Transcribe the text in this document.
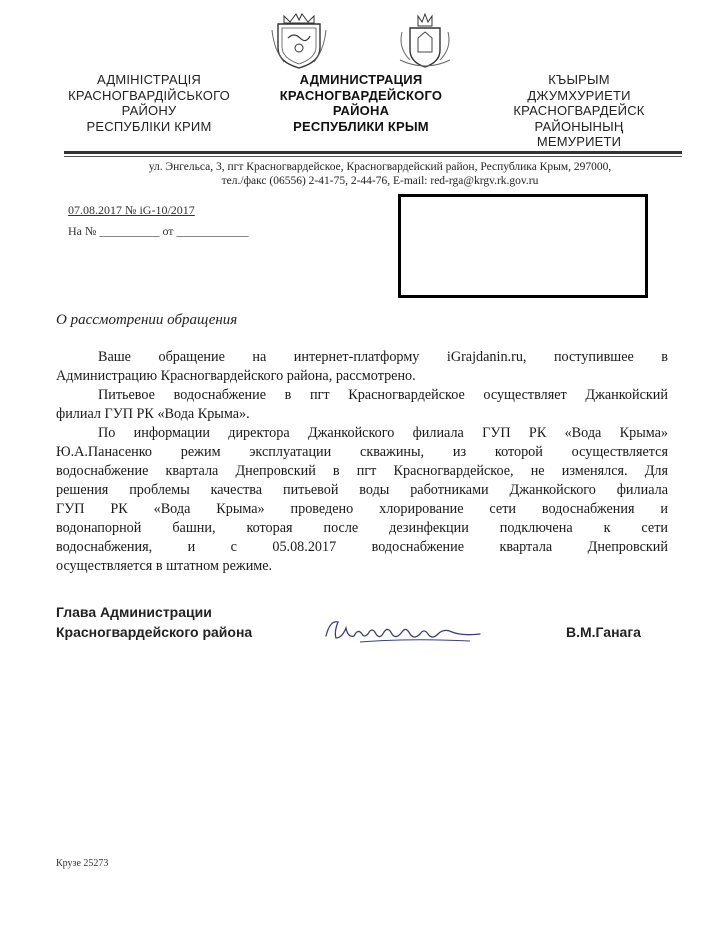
АДМІНІСТРАЦІЯ
КРАСНОГВАРДІЙСЬКОГО
РАЙОНУ
РЕСПУБЛІКИ КРИМ
АДМИНИСТРАЦИЯ
КРАСНОГВАРДЕЙСКОГО
РАЙОНА
РЕСПУБЛИКИ КРЫМ
КЪЫРЫМ
ДЖУМХУРИЕТИ
КРАСНОГВАРДЕЙСК
РАЙОНЫНЫҢ
МЕМУРИЕТИ
ул. Энгельса, 3, пгт Красногвардейское, Красногвардейский район, Республика Крым, 297000,
тел./факс (06556) 2-41-75, 2-44-76, E-mail: red-rga@krgv.rk.gov.ru
07.08.2017 № iG-10/2017
На № __________ от ____________
О рассмотрении обращения
Ваше обращение на интернет-платформу iGrajdanin.ru, поступившее в
Администрацию Красногвардейского района, рассмотрено.
Питьевое водоснабжение в пгт Красногвардейское осуществляет Джанкойский
филиал ГУП РК «Вода Крыма».
По информации директора Джанкойского филиала ГУП РК «Вода Крыма»
Ю.А.Панасенко режим эксплуатации скважины, из которой осуществляется
водоснабжение квартала Днепровский в пгт Красногвардейское, не изменялся. Для
решения проблемы качества питьевой воды работниками Джанкойского филиала
ГУП РК «Вода Крыма» проведено хлорирование сети водоснабжения и
водонапорной башни, которая после дезинфекции подключена к сети
водоснабжения, и с 05.08.2017 водоснабжение квартала Днепровский
осуществляется в штатном режиме.
Глава Администрации
Красногвардейского района	В.М.Ганага
Крузе 25273
